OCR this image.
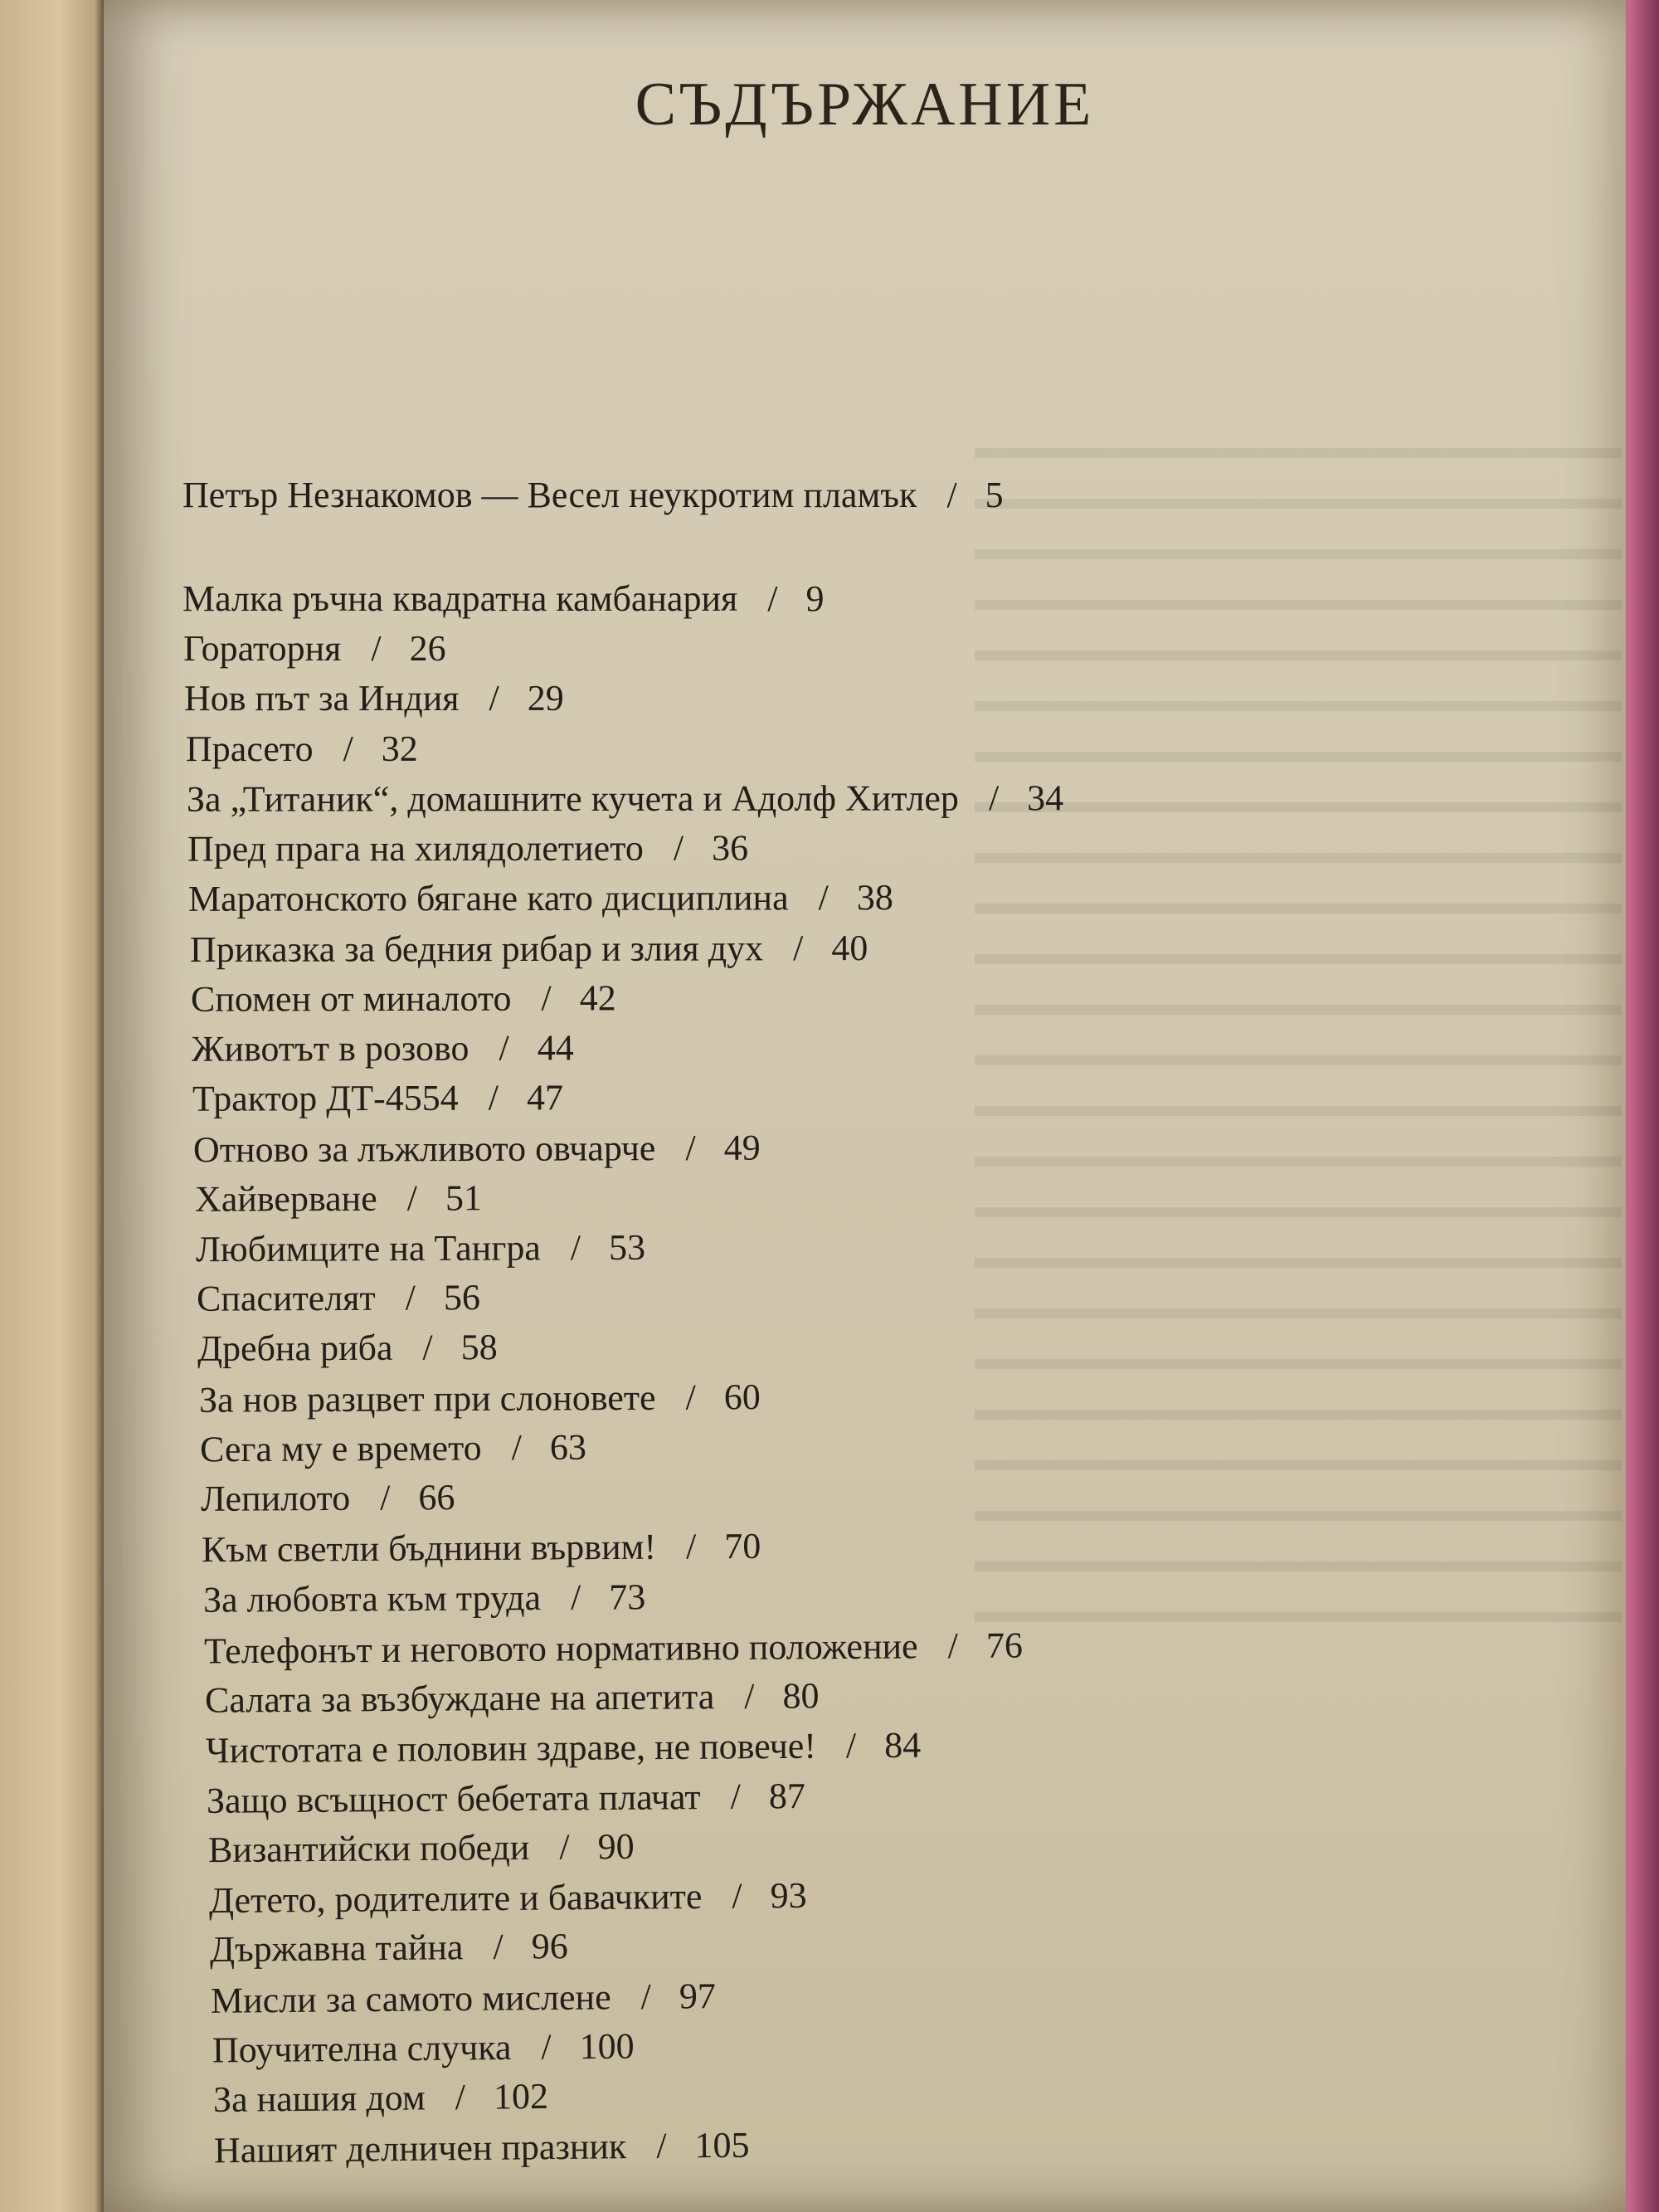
СЪДЪРЖАНИЕ
Петър Незнакомов — Весел неукротим пламък / 5
Малка ръчна квадратна камбанария / 9
Гораторня / 26
Нов път за Индия / 29
Прасето / 32
За „Титаник“, домашните кучета и Адолф Хитлер / 34
Пред прага на хилядолетието / 36
Маратонското бягане като дисциплина / 38
Приказка за бедния рибар и злия дух / 40
Спомен от миналото / 42
Животът в розово / 44
Трактор ДТ-4554 / 47
Отново за лъжливото овчарче / 49
Хайверване / 51
Любимците на Тангра / 53
Спасителят / 56
Дребна риба / 58
За нов разцвет при слоновете / 60
Сега му е времето / 63
Лепилото / 66
Към светли бъднини вървим! / 70
За любовта към труда / 73
Телефонът и неговото нормативно положение / 76
Салата за възбуждане на апетита / 80
Чистотата е половин здраве, не повече! / 84
Защо всъщност бебетата плачат / 87
Византийски победи / 90
Детето, родителите и бавачките / 93
Държавна тайна / 96
Мисли за самото мислене / 97
Поучителна случка / 100
За нашия дом / 102
Нашият делничен празник / 105
